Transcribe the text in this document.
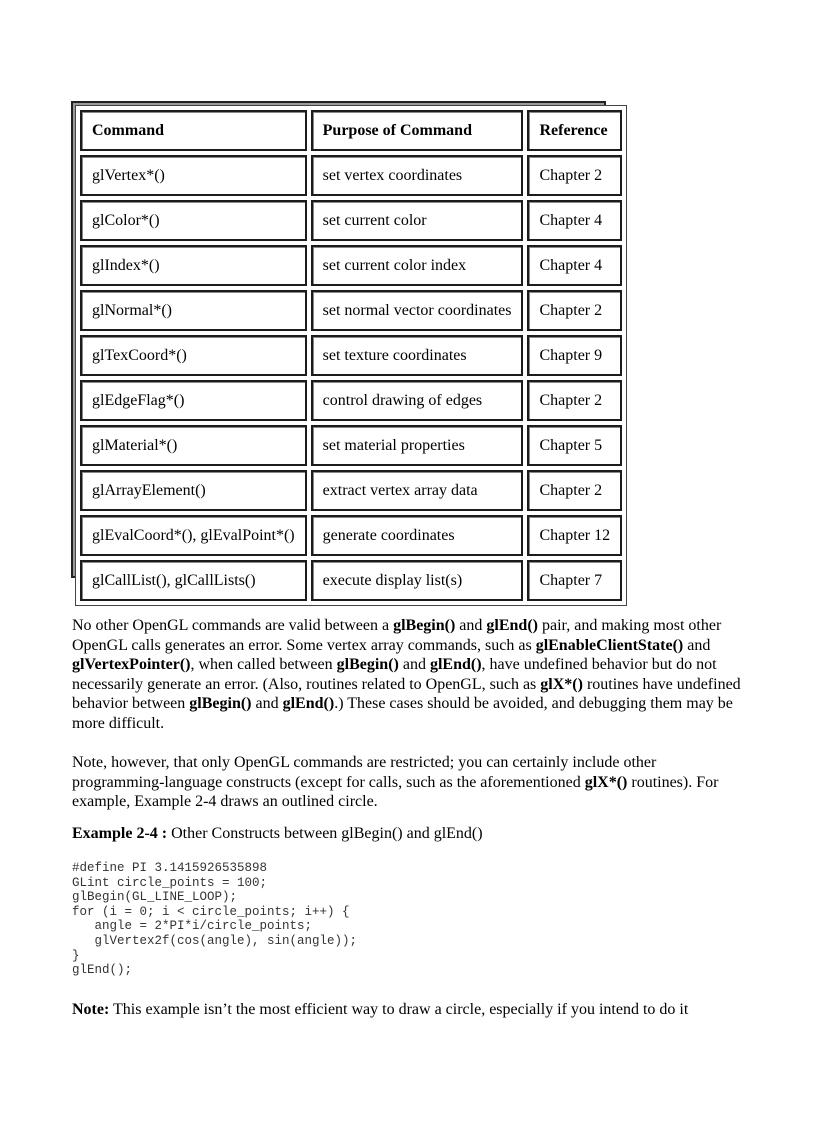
Command	Purpose of Command	Reference
glVertex*()	set vertex coordinates	Chapter 2
glColor*()	set current color	Chapter 4
glIndex*()	set current color index	Chapter 4
glNormal*()	set normal vector coordinates	Chapter 2
glTexCoord*()	set texture coordinates	Chapter 9
glEdgeFlag*()	control drawing of edges	Chapter 2
glMaterial*()	set material properties	Chapter 5
glArrayElement()	extract vertex array data	Chapter 2
glEvalCoord*(), glEvalPoint*()	generate coordinates	Chapter 12
glCallList(), glCallLists()	execute display list(s)	Chapter 7

No other OpenGL commands are valid between a glBegin() and glEnd() pair, and making most other OpenGL calls generates an error. Some vertex array commands, such as glEnableClientState() and glVertexPointer(), when called between glBegin() and glEnd(), have undefined behavior but do not necessarily generate an error. (Also, routines related to OpenGL, such as glX*() routines have undefined behavior between glBegin() and glEnd().) These cases should be avoided, and debugging them may be more difficult.

Note, however, that only OpenGL commands are restricted; you can certainly include other programming-language constructs (except for calls, such as the aforementioned glX*() routines). For example, Example 2-4 draws an outlined circle.

Example 2-4 : Other Constructs between glBegin() and glEnd()

#define PI 3.1415926535898
GLint circle_points = 100;
glBegin(GL_LINE_LOOP);
for (i = 0; i < circle_points; i++) {
angle = 2*PI*i/circle_points;
glVertex2f(cos(angle), sin(angle));
}
glEnd();

Note: This example isn’t the most efficient way to draw a circle, especially if you intend to do it
